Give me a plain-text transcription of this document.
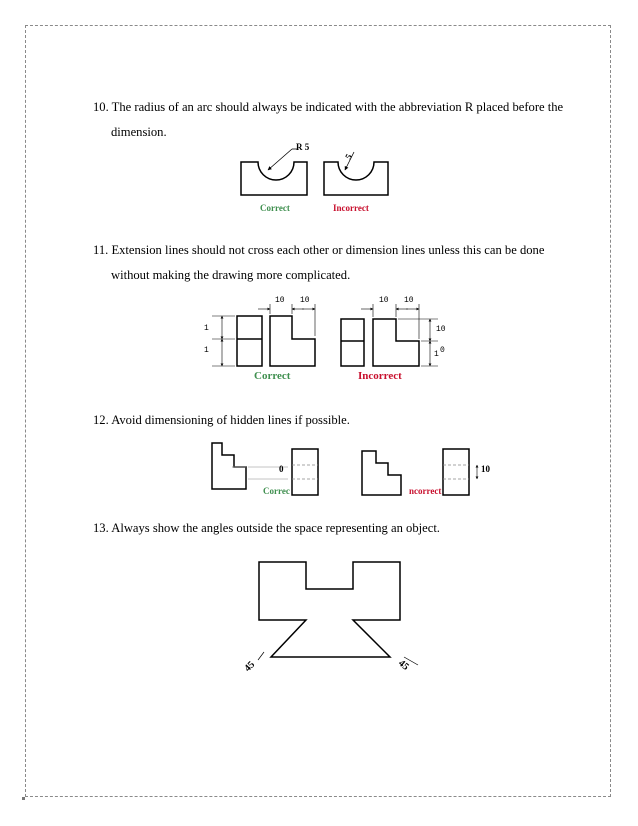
10. The radius of an arc should always be indicated with the abbreviation R placed before the
dimension.
11. Extension lines should not cross each other or dimension lines unless this can be done
without making the drawing more complicated.
12. Avoid dimensioning of hidden lines if possible.
13. Always show the angles outside the space representing an object.
R 5
5
Correct	Incorrect
10 10
1
1
10 10
10
1 0
Correct	Incorrect
0
Correc
10
ncorrect
45	45
